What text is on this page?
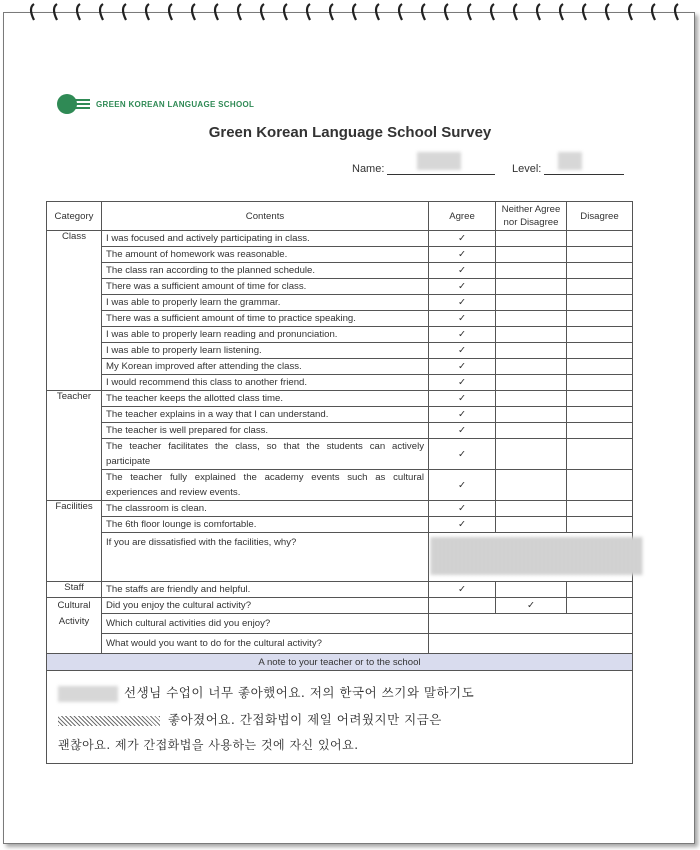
GREEN KOREAN LANGUAGE SCHOOL
Green Korean Language School Survey
Name:	Level:
Category	Contents	Agree	Neither Agree
nor Disagree	Disagree
Class	I was focused and actively participating in class.	✓		
	The amount of homework was reasonable.	✓		
	The class ran according to the planned schedule.	✓		
	There was a sufficient amount of time for class.	✓		
	I was able to properly learn the grammar.	✓		
	There was a sufficient amount of time to practice speaking.	✓		
	I was able to properly learn reading and pronunciation.	✓		
	I was able to properly learn listening.	✓		
	My Korean improved after attending the class.	✓		
	I would recommend this class to another friend.	✓		
Teacher	The teacher keeps the allotted class time.	✓		
	The teacher explains in a way that I can understand.	✓		
	The teacher is well prepared for class.	✓		
	The teacher facilitates the class, so that the students can actively participate	✓		
	The teacher fully explained the academy events such as cultural experiences and review events.	✓		
Facilities	The classroom is clean.	✓		
	The 6th floor lounge is comfortable.	✓		
	If you are dissatisfied with the facilities, why?			

Staff	The staffs are friendly and helpful.	✓		
Cultural
Activity	Did you enjoy the cultural activity?		✓	
	Which cultural activities did you enjoy?			
	What would you want to do for the cultural activity?			
A note to your teacher or to the school				

선생님 수업이 너무 좋아했어요. 저의 한국어 쓰기와 말하기도
좋아졌어요. 간접화법이 제일 어려웠지만 지금은
괜찮아요. 제가 간접화법을 사용하는 것에 자신 있어요.
